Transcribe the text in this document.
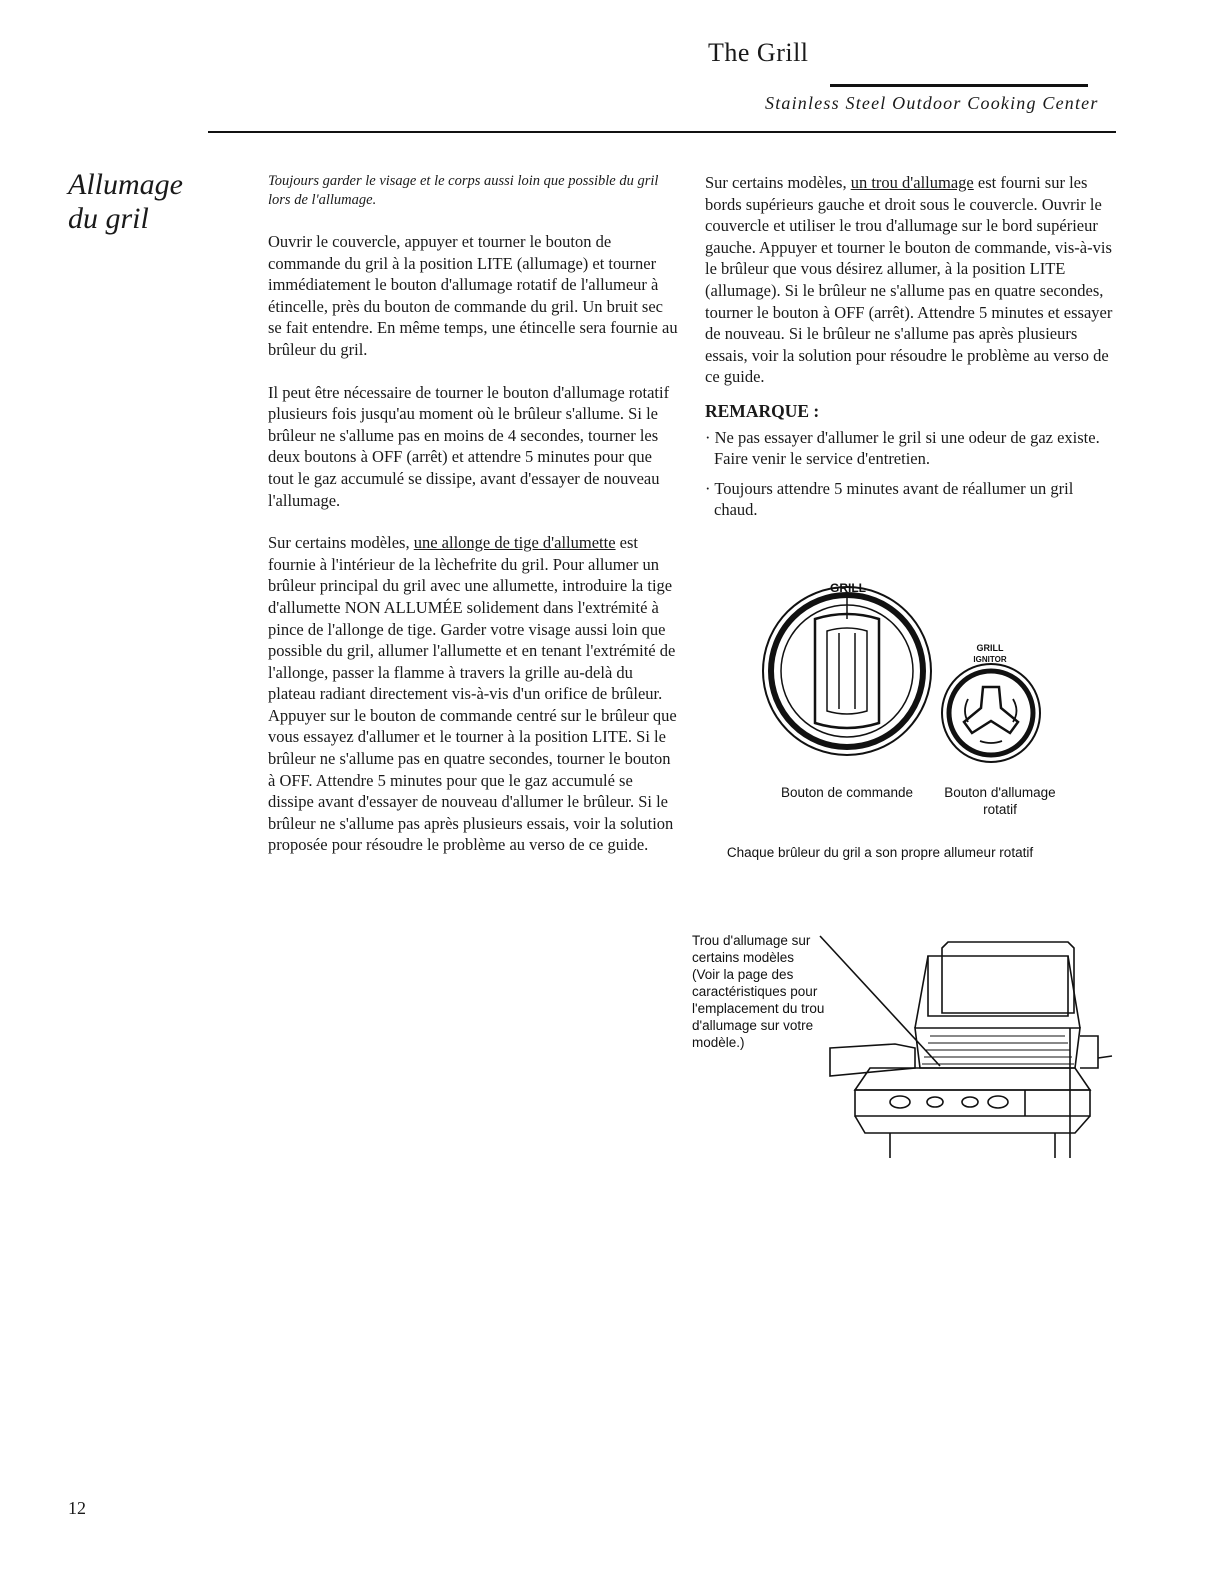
The Grill
Stainless Steel Outdoor Cooking Center
Allumage
du gril

Toujours garder le visage et le corps aussi loin que possible du gril lors de l'allumage.

Ouvrir le couvercle, appuyer et tourner le bouton de commande du gril à la position LITE (allumage) et tourner immédiatement le bouton d'allumage rotatif de l'allumeur à étincelle, près du bouton de commande du gril. Un bruit sec se fait entendre. En même temps, une étincelle sera fournie au brûleur du gril.

Il peut être nécessaire de tourner le bouton d'allumage rotatif plusieurs fois jusqu'au moment où le brûleur s'allume. Si le brûleur ne s'allume pas en moins de 4 secondes, tourner les deux boutons à OFF (arrêt) et attendre 5 minutes pour que tout le gaz accumulé se dissipe, avant d'essayer de nouveau l'allumage.

Sur certains modèles, une allonge de tige d'allumette est fournie à l'intérieur de la lèchefrite du gril. Pour allumer un brûleur principal du gril avec une allumette, introduire la tige d'allumette NON ALLUMÉE solidement dans l'extrémité à pince de l'allonge de tige. Garder votre visage aussi loin que possible du gril, allumer l'allumette et en tenant l'extrémité de l'allonge, passer la flamme à travers la grille au-delà du plateau radiant directement vis-à-vis d'un orifice de brûleur. Appuyer sur le bouton de commande centré sur le brûleur que vous essayez d'allumer et le tourner à la position LITE. Si le brûleur ne s'allume pas en quatre secondes, tourner le bouton à OFF. Attendre 5 minutes pour que le gaz accumulé se dissipe avant d'essayer de nouveau d'allumer le brûleur. Si le brûleur ne s'allume pas après plusieurs essais, voir la solution proposée pour résoudre le problème au verso de ce guide.

Sur certains modèles, un trou d'allumage est fourni sur les bords supérieurs gauche et droit sous le couvercle. Ouvrir le couvercle et utiliser le trou d'allumage sur le bord supérieur gauche. Appuyer et tourner le bouton de commande, vis-à-vis le brûleur que vous désirez allumer, à la position LITE (allumage). Si le brûleur ne s'allume pas en quatre secondes, tourner le bouton à OFF (arrêt). Attendre 5 minutes et essayer de nouveau. Si le brûleur ne s'allume pas après plusieurs essais, voir la solution pour résoudre le problème au verso de ce guide.

REMARQUE :
· Ne pas essayer d'allumer le gril si une odeur de gaz existe. Faire venir le service d'entretien.
· Toujours attendre 5 minutes avant de réallumer un gril chaud.
GRILL
GRILL
IGNITOR
Bouton de commande Bouton d'allumage
rotatif
Chaque brûleur du gril a son propre allumeur rotatif
Trou d'allumage sur
certains modèles
(Voir la page des
caractéristiques pour
l'emplacement du trou
d'allumage sur votre
modèle.)
12
